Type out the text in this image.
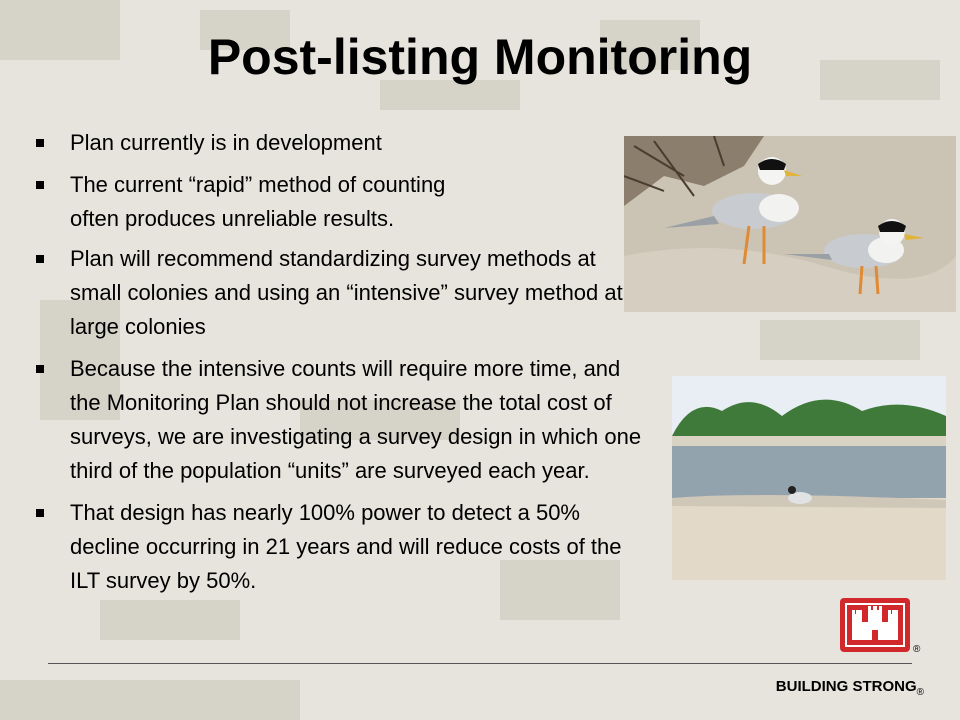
Post-listing Monitoring
Plan currently is in development
The current “rapid” method of counting
often produces unreliable results.
Plan will recommend standardizing survey methods at small colonies and using an “intensive” survey method at large colonies
Because the intensive counts will require more time, and the Monitoring Plan should not increase the total cost of surveys, we are investigating a survey design in which one third of the population “units” are surveyed each year.
That design has nearly 100% power to detect a 50% decline occurring in 21 years and will reduce costs of the ILT survey by 50%.
®
BUILDING $STRONG_®$
